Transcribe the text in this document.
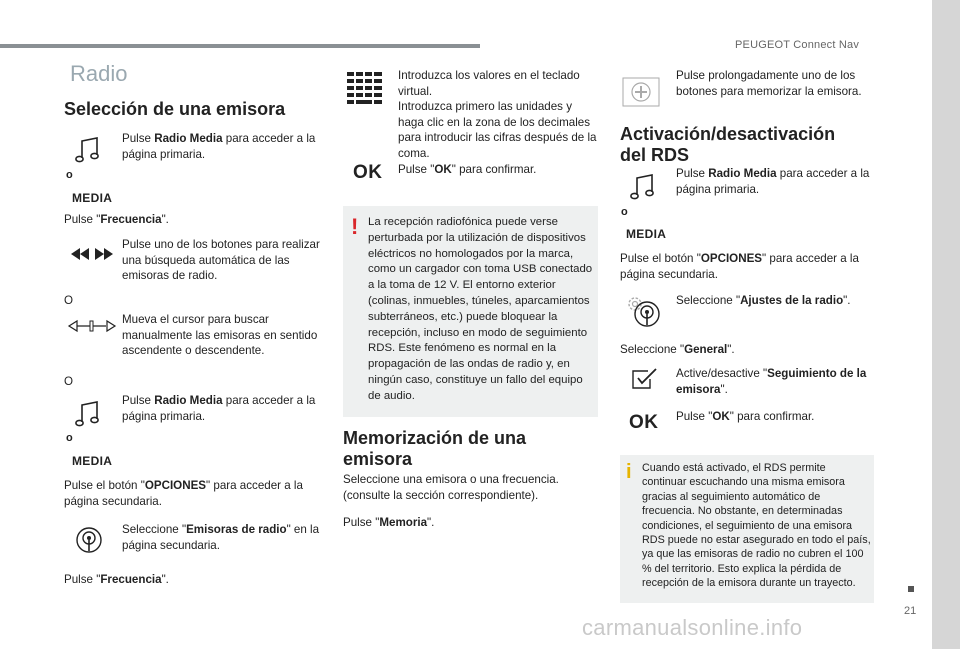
PEUGEOT Connect Nav
21
carmanualsonline.info
Radio
Selección de una emisora

Pulse Radio Media para acceder a la página primaria.

o
MEDIA

Pulse "Frecuencia".

Pulse uno de los botones para realizar una búsqueda automática de las emisoras de radio.

O

Mueva el cursor para buscar manualmente las emisoras en sentido ascendente o descendente.

O

Pulse Radio Media para acceder a la página primaria.

o
MEDIA

Pulse el botón "OPCIONES" para acceder a la página secundaria.

Seleccione "Emisoras de radio" en la página secundaria.

Pulse "Frecuencia".

Introduzca los valores en el teclado virtual.

Introduzca primero las unidades y haga clic en la zona de los decimales para introducir las cifras después de la coma.

OK Pulse "OK" para confirmar.

! La recepción radiofónica puede verse perturbada por la utilización de dispositivos eléctricos no homologados por la marca, como un cargador con toma USB conectado a la toma de 12 V. El entorno exterior (colinas, inmuebles, túneles, aparcamientos subterráneos, etc.) puede bloquear la recepción, incluso en modo de seguimiento RDS. Este fenómeno es normal en la propagación de las ondas de radio y, en ningún caso, constituye un fallo del equipo de audio.

Memorización de una emisora

Seleccione una emisora o una frecuencia. (consulte la sección correspondiente).

Pulse "Memoria".

Pulse prolongadamente uno de los botones para memorizar la emisora.

Activación/desactivación del RDS

Pulse Radio Media para acceder a la página primaria.

o
MEDIA

Pulse el botón "OPCIONES" para acceder a la página secundaria.

Seleccione "Ajustes de la radio".

Seleccione "General".

Active/desactive "Seguimiento de la emisora".

OK Pulse "OK" para confirmar.

i Cuando está activado, el RDS permite continuar escuchando una misma emisora gracias al seguimiento automático de frecuencia. No obstante, en determinadas condiciones, el seguimiento de una emisora RDS puede no estar asegurado en todo el país, ya que las emisoras de radio no cubren el 100 % del territorio. Esto explica la pérdida de recepción de la emisora durante un trayecto.
